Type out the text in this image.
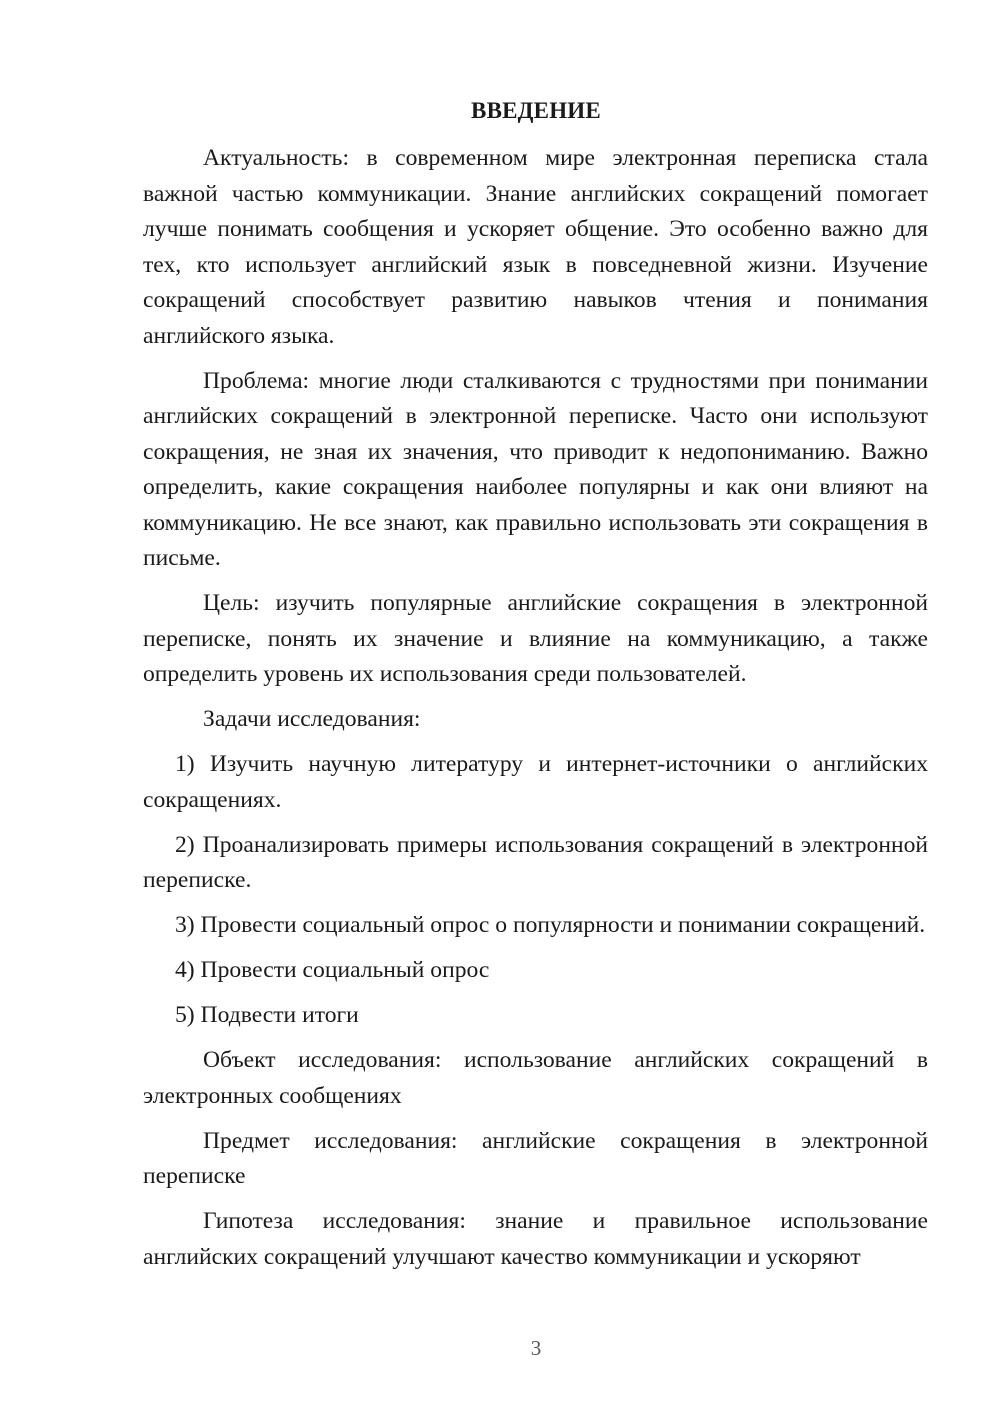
ВВЕДЕНИЕ

Актуальность: в современном мире электронная переписка стала важной частью коммуникации. Знание английских сокращений помогает лучше понимать сообщения и ускоряет общение. Это особенно важно для тех, кто использует английский язык в повседневной жизни. Изучение сокращений способствует развитию навыков чтения и понимания английского языка.

Проблема: многие люди сталкиваются с трудностями при понимании английских сокращений в электронной переписке. Часто они используют сокращения, не зная их значения, что приводит к недопониманию. Важно определить, какие сокращения наиболее популярны и как они влияют на коммуникацию. Не все знают, как правильно использовать эти сокращения в письме.

Цель: изучить популярные английские сокращения в электронной переписке, понять их значение и влияние на коммуникацию, а также определить уровень их использования среди пользователей.

Задачи исследования:

1) Изучить научную литературу и интернет-источники о английских сокращениях.

2) Проанализировать примеры использования сокращений в электронной переписке.

3) Провести социальный опрос о популярности и понимании сокращений.

4) Провести социальный опрос

5) Подвести итоги

Объект исследования: использование английских сокращений в электронных сообщениях

Предмет исследования: английские сокращения в электронной переписке

Гипотеза исследования: знание и правильное использование английских сокращений улучшают качество коммуникации и ускоряют

3
